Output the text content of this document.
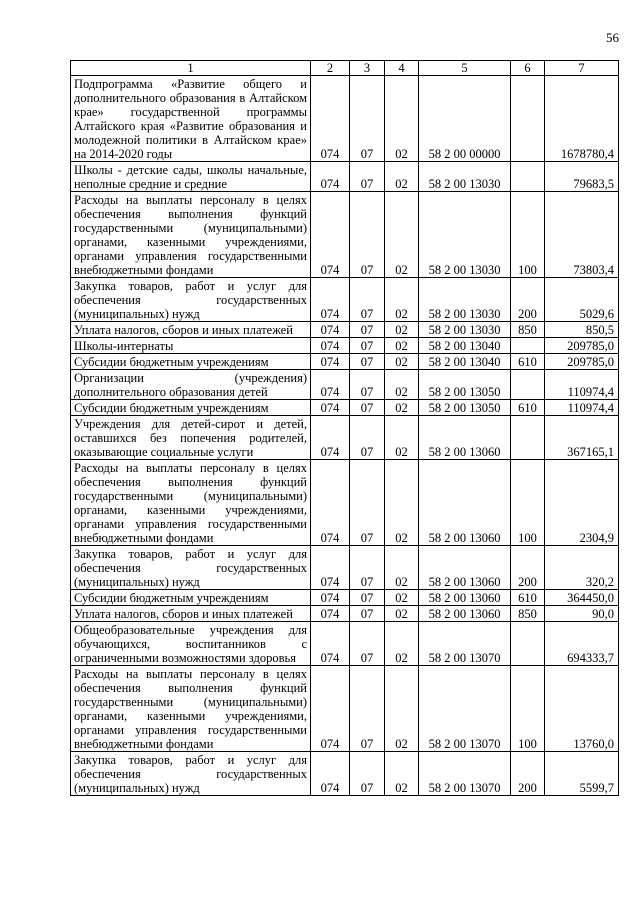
56
1	2	3	4	5	6	7
Подпрограмма «Развитие общего и дополнительного образования в Алтайском крае» государственной программы Алтайского края «Развитие образования и молодежной политики в Алтайском крае» на 2014-2020 годы	074	07	02	58 2 00 00000		1678780,4
Школы - детские сады, школы начальные, неполные средние и средние	074	07	02	58 2 00 13030		79683,5
Расходы на выплаты персоналу в целях обеспечения выполнения функций государственными (муниципальными) органами, казенными учреждениями, органами управления государственными внебюджетными фондами	074	07	02	58 2 00 13030	100	73803,4
Закупка товаров, работ и услуг для обеспечения государственных (муниципальных) нужд	074	07	02	58 2 00 13030	200	5029,6
Уплата налогов, сборов и иных платежей	074	07	02	58 2 00 13030	850	850,5
Школы-интернаты	074	07	02	58 2 00 13040		209785,0
Субсидии бюджетным учреждениям	074	07	02	58 2 00 13040	610	209785,0
Организации (учреждения) дополнительного образования детей	074	07	02	58 2 00 13050		110974,4
Субсидии бюджетным учреждениям	074	07	02	58 2 00 13050	610	110974,4
Учреждения для детей-сирот и детей, оставшихся без попечения родителей, оказывающие социальные услуги	074	07	02	58 2 00 13060		367165,1
Расходы на выплаты персоналу в целях обеспечения выполнения функций государственными (муниципальными) органами, казенными учреждениями, органами управления государственными внебюджетными фондами	074	07	02	58 2 00 13060	100	2304,9
Закупка товаров, работ и услуг для обеспечения государственных (муниципальных) нужд	074	07	02	58 2 00 13060	200	320,2
Субсидии бюджетным учреждениям	074	07	02	58 2 00 13060	610	364450,0
Уплата налогов, сборов и иных платежей	074	07	02	58 2 00 13060	850	90,0
Общеобразовательные учреждения для обучающихся, воспитанников с ограниченными возможностями здоровья	074	07	02	58 2 00 13070		694333,7
Расходы на выплаты персоналу в целях обеспечения выполнения функций государственными (муниципальными) органами, казенными учреждениями, органами управления государственными внебюджетными фондами	074	07	02	58 2 00 13070	100	13760,0
Закупка товаров, работ и услуг для обеспечения государственных (муниципальных) нужд	074	07	02	58 2 00 13070	200	5599,7
